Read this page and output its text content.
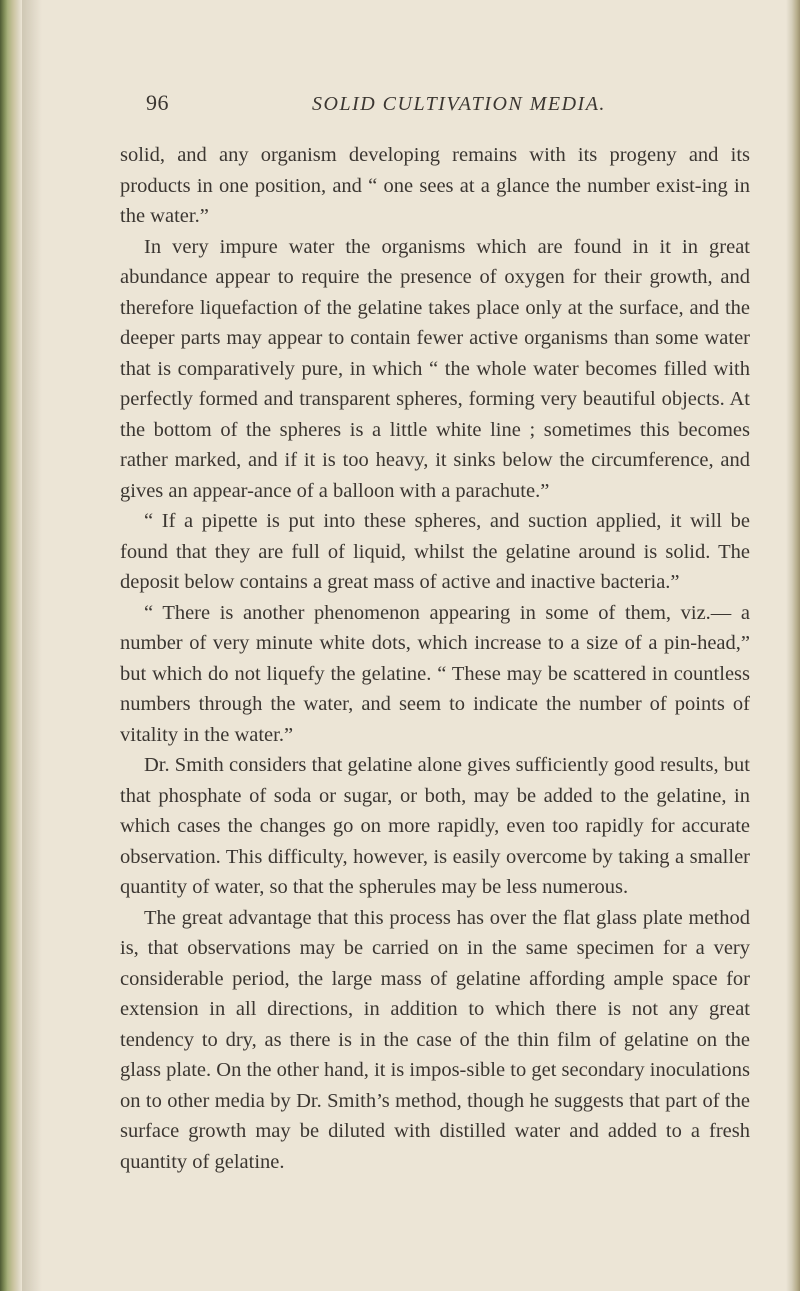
96	SOLID CULTIVATION MEDIA.

solid, and any organism developing remains with its progeny and its products in one position, and “ one sees at a glance the number exist-ing in the water.”

In very impure water the organisms which are found in it in great abundance appear to require the presence of oxygen for their growth, and therefore liquefaction of the gelatine takes place only at the surface, and the deeper parts may appear to contain fewer active organisms than some water that is comparatively pure, in which “ the whole water becomes filled with perfectly formed and transparent spheres, forming very beautiful objects. At the bottom of the spheres is a little white line ; sometimes this becomes rather marked, and if it is too heavy, it sinks below the circumference, and gives an appear-ance of a balloon with a parachute.”

“ If a pipette is put into these spheres, and suction applied, it will be found that they are full of liquid, whilst the gelatine around is solid. The deposit below contains a great mass of active and inactive bacteria.”

“ There is another phenomenon appearing in some of them, viz.— a number of very minute white dots, which increase to a size of a pin-head,” but which do not liquefy the gelatine. “ These may be scattered in countless numbers through the water, and seem to indicate the number of points of vitality in the water.”

Dr. Smith considers that gelatine alone gives sufficiently good results, but that phosphate of soda or sugar, or both, may be added to the gelatine, in which cases the changes go on more rapidly, even too rapidly for accurate observation. This difficulty, however, is easily overcome by taking a smaller quantity of water, so that the spherules may be less numerous.

The great advantage that this process has over the flat glass plate method is, that observations may be carried on in the same specimen for a very considerable period, the large mass of gelatine affording ample space for extension in all directions, in addition to which there is not any great tendency to dry, as there is in the case of the thin film of gelatine on the glass plate. On the other hand, it is impos-sible to get secondary inoculations on to other media by Dr. Smith’s method, though he suggests that part of the surface growth may be diluted with distilled water and added to a fresh quantity of gelatine.
